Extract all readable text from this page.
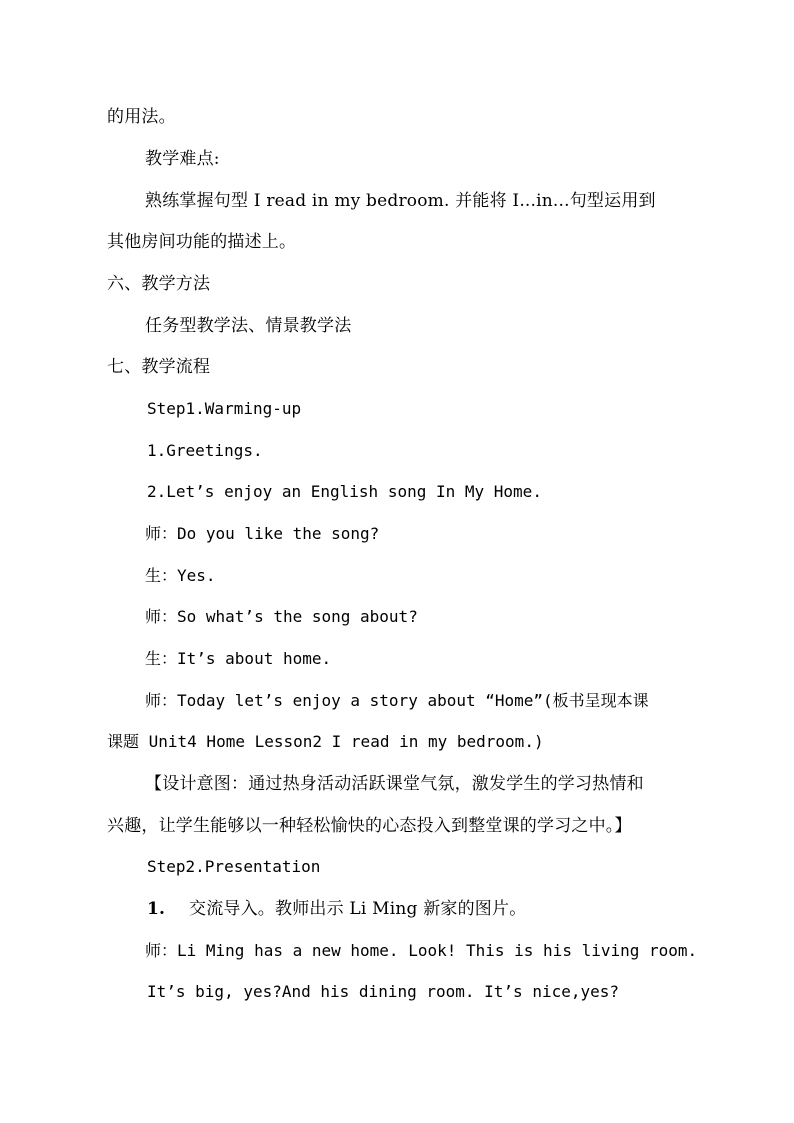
的用法。
教学难点:
熟练掌握句型 I read in my bedroom. 并能将 I...in...句型运用到
其他房间功能的描述上。
六、教学方法
任务型教学法、情景教学法
七、教学流程
Step1.Warming-up
1.Greetings.
2.Let’s enjoy an English song In My Home.
师：Do you like the song?
生：Yes.
师：So what’s the song about?
生：It’s about home.
师：Today let’s enjoy a story about “Home”(板书呈现本课
课题 Unit4 Home Lesson2 I read in my bedroom.)
【设计意图：通过热身活动活跃课堂气氛，激发学生的学习热情和
兴趣，让学生能够以一种轻松愉快的心态投入到整堂课的学习之中。】
Step2.Presentation
1. 交流导入。教师出示 Li Ming 新家的图片。
师：Li Ming has a new home. Look! This is his living room.
It’s big, yes?And his dining room. It’s nice,yes?
